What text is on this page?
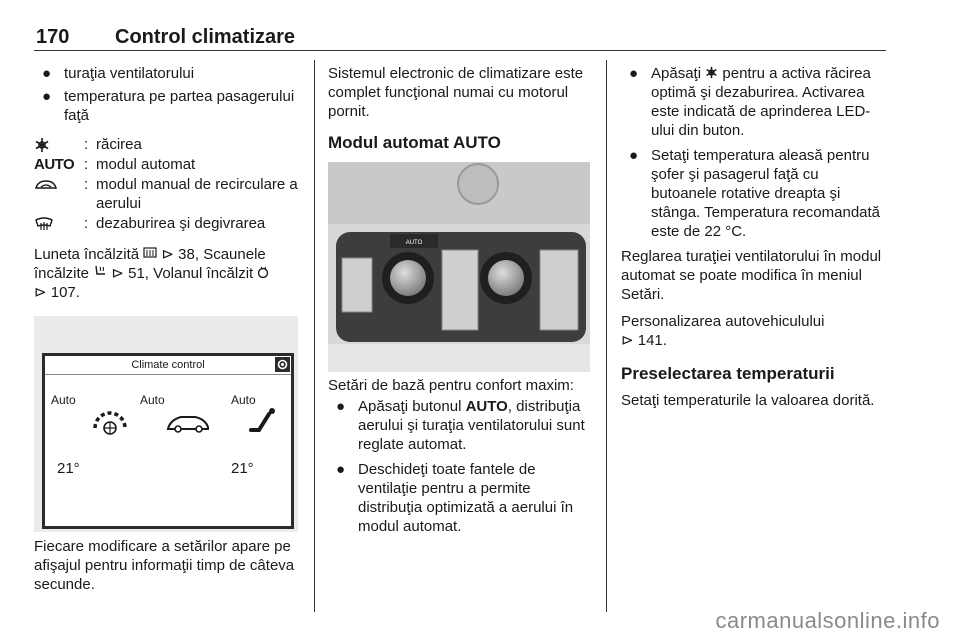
170 Control climatizare
● turaţia ventilatorului
● temperatura pe partea pasagerului faţă
: răcirea
AUTO : modul automat
: modul manual de recirculare a aerului
: dezaburirea şi degivrarea

Luneta încălzită ⊳ 38, Scaunele încălzite ⊳ 51, Volanul încălzit
⊳ 107.

Climate control
Auto	Auto	Auto
21°	21°

Fiecare modificare a setărilor apare pe afişajul pentru informaţii timp de câteva secunde.

Sistemul electronic de climatizare este complet funcţional numai cu motorul pornit.

Modul automat AUTO
AUTO

Setări de bază pentru confort maxim:

● Apăsaţi butonul AUTO, distribuţia aerului şi turaţia ventilatorului sunt reglate automat.
● Deschideţi toate fantele de ventilaţie pentru a permite distribuţia optimizată a aerului în modul automat.
● Apăsaţi pentru a activa răcirea optimă şi dezaburirea. Activarea este indicată de aprinderea LED-ului din buton.
● Setaţi temperatura aleasă pentru şofer şi pasagerul faţă cu butoanele rotative dreapta şi stânga. Temperatura recomandată este de 22 °C.

Reglarea turaţiei ventilatorului în modul automat se poate modifica în meniul Setări.

Personalizarea autovehiculului
⊳ 141.

Preselectarea temperaturii

Setaţi temperaturile la valoarea dorită.

carmanualsonline.info
